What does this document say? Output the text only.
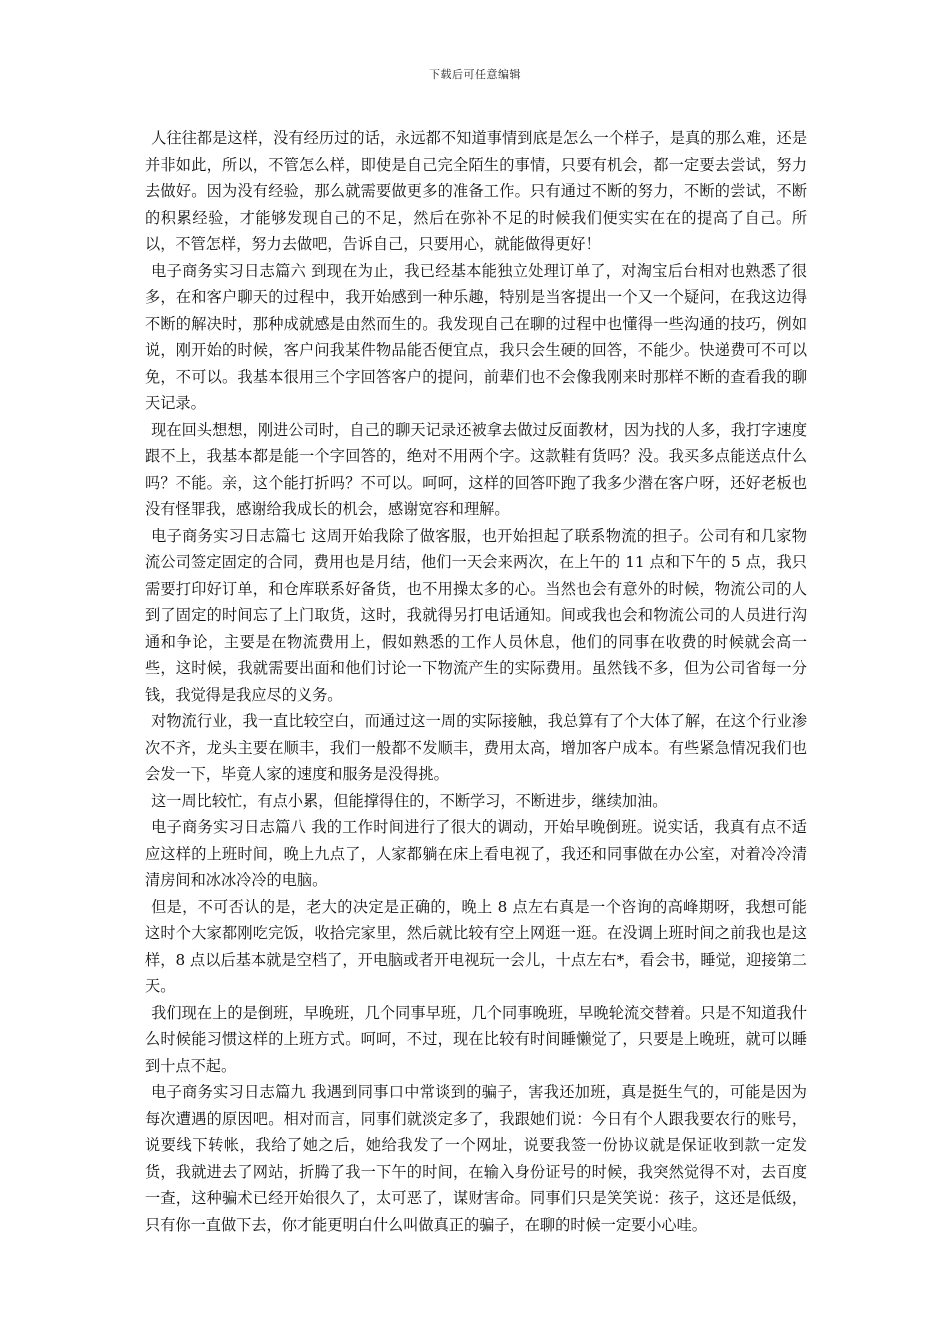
下载后可任意编辑

人往往都是这样，没有经历过的话，永远都不知道事情到底是怎么一个样子，是真的那么难，还是并非如此，所以，不管怎么样，即使是自己完全陌生的事情，只要有机会，都一定要去尝试，努力去做好。因为没有经验，那么就需要做更多的准备工作。只有通过不断的努力，不断的尝试，不断的积累经验，才能够发现自己的不足，然后在弥补不足的时候我们便实实在在的提高了自己。所以，不管怎样，努力去做吧，告诉自己，只要用心，就能做得更好！

电子商务实习日志篇六 到现在为止，我已经基本能独立处理订单了，对淘宝后台相对也熟悉了很多，在和客户聊天的过程中，我开始感到一种乐趣，特别是当客提出一个又一个疑问，在我这边得不断的解决时，那种成就感是由然而生的。我发现自己在聊的过程中也懂得一些沟通的技巧，例如说，刚开始的时候，客户问我某件物品能否便宜点，我只会生硬的回答，不能少。快递费可不可以免，不可以。我基本很用三个字回答客户的提问，前辈们也不会像我刚来时那样不断的查看我的聊天记录。

现在回头想想，刚进公司时，自己的聊天记录还被拿去做过反面教材，因为找的人多，我打字速度跟不上，我基本都是能一个字回答的，绝对不用两个字。这款鞋有货吗？没。我买多点能送点什么吗？不能。亲，这个能打折吗？不可以。呵呵，这样的回答吓跑了我多少潜在客户呀，还好老板也没有怪罪我，感谢给我成长的机会，感谢宽容和理解。

电子商务实习日志篇七 这周开始我除了做客服，也开始担起了联系物流的担子。公司有和几家物流公司签定固定的合同，费用也是月结，他们一天会来两次，在上午的 11 点和下午的 5 点，我只需要打印好订单，和仓库联系好备货，也不用操太多的心。当然也会有意外的时候，物流公司的人到了固定的时间忘了上门取货，这时，我就得另打电话通知。间或我也会和物流公司的人员进行沟通和争论，主要是在物流费用上，假如熟悉的工作人员休息，他们的同事在收费的时候就会高一些，这时候，我就需要出面和他们讨论一下物流产生的实际费用。虽然钱不多，但为公司省每一分钱，我觉得是我应尽的义务。

对物流行业，我一直比较空白，而通过这一周的实际接触，我总算有了个大体了解，在这个行业渗次不齐，龙头主要在顺丰，我们一般都不发顺丰，费用太高，增加客户成本。有些紧急情况我们也会发一下，毕竟人家的速度和服务是没得挑。

这一周比较忙，有点小累，但能撑得住的，不断学习，不断进步，继续加油。

电子商务实习日志篇八 我的工作时间进行了很大的调动，开始早晚倒班。说实话，我真有点不适应这样的上班时间，晚上九点了，人家都躺在床上看电视了，我还和同事做在办公室，对着冷冷清清房间和冰冰冷冷的电脑。

但是，不可否认的是，老大的决定是正确的，晚上 8 点左右真是一个咨询的高峰期呀，我想可能这时个大家都刚吃完饭，收拾完家里，然后就比较有空上网逛一逛。在没调上班时间之前我也是这样，8 点以后基本就是空档了，开电脑或者开电视玩一会儿，十点左右*，看会书，睡觉，迎接第二天。

我们现在上的是倒班，早晚班，几个同事早班，几个同事晚班，早晚轮流交替着。只是不知道我什么时候能习惯这样的上班方式。呵呵，不过，现在比较有时间睡懒觉了，只要是上晚班，就可以睡到十点不起。

电子商务实习日志篇九 我遇到同事口中常谈到的骗子，害我还加班，真是挺生气的，可能是因为每次遭遇的原因吧。相对而言，同事们就淡定多了，我跟她们说：今日有个人跟我要农行的账号，说要线下转帐，我给了她之后，她给我发了一个网址，说要我签一份协议就是保证收到款一定发货，我就进去了网站，折腾了我一下午的时间，在输入身份证号的时候，我突然觉得不对，去百度一查，这种骗术已经开始很久了，太可恶了，谋财害命。同事们只是笑笑说：孩子，这还是低级，只有你一直做下去，你才能更明白什么叫做真正的骗子，在聊的时候一定要小心哇。
